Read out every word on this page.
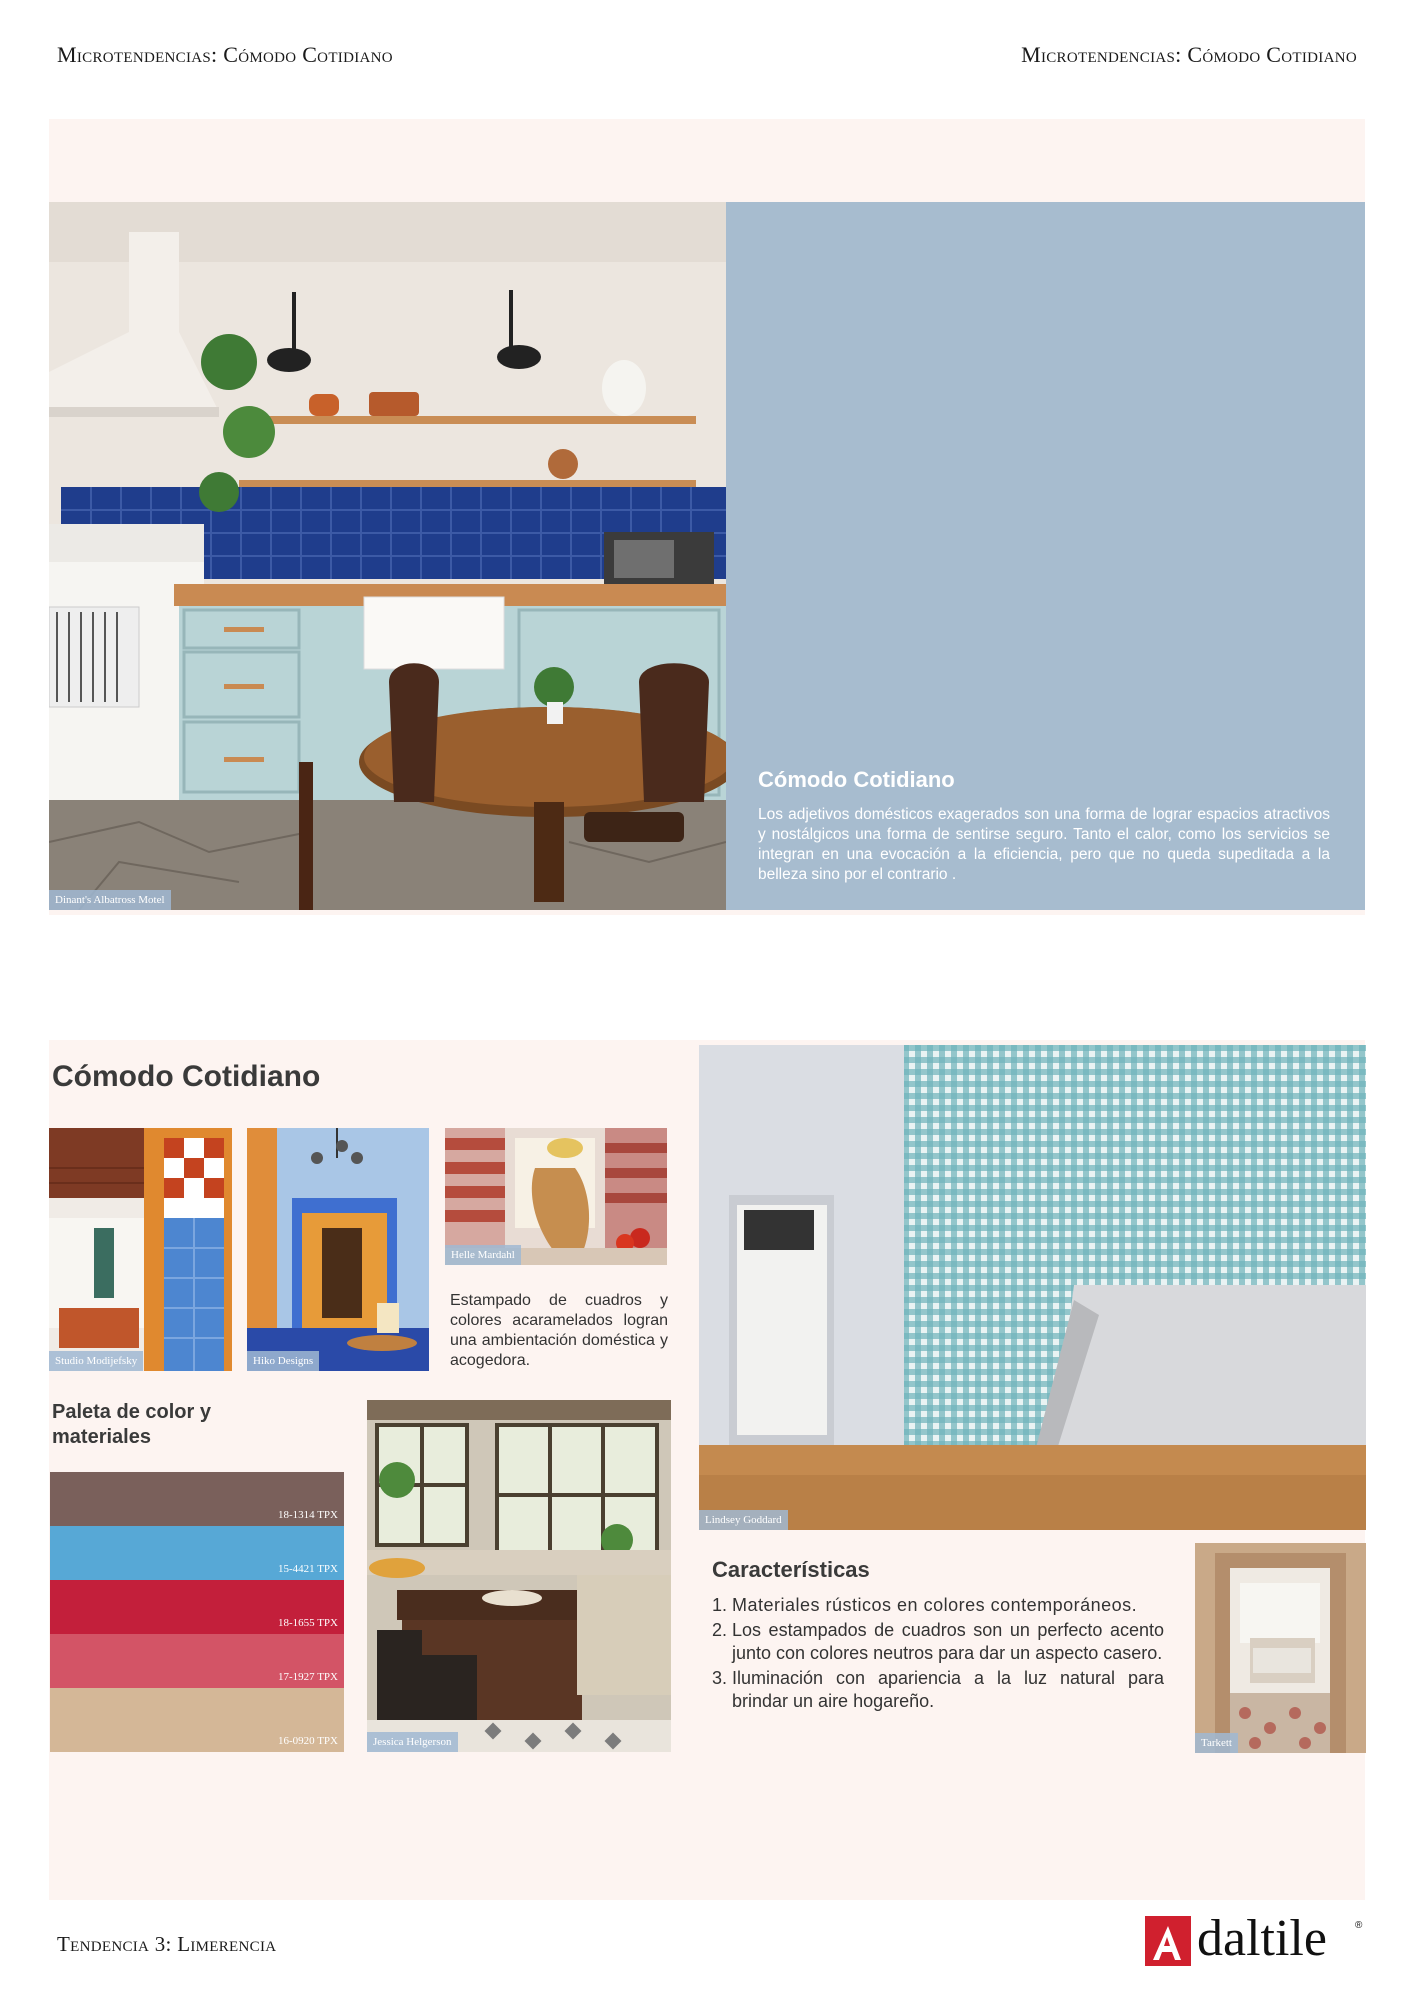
Microtendencias: Cómodo Cotidiano	Microtendencias: Cómodo Cotidiano
Dinant's Albatross Motel
Cómodo Cotidiano
Los adjetivos domésticos exagerados son una forma de lograr espacios atractivos y nostálgicos una forma de sentirse seguro. Tanto el calor, como los servicios se integran en una evocación a la eficiencia, pero que no queda supeditada a la belleza sino por el contrario .
Cómodo Cotidiano
Studio Modijefsky	Hiko Designs
Helle Mardahl
Estampado de cuadros y colores acaramelados logran una ambientación doméstica y acogedora.
Paleta de color y materiales
18-1314 TPX
15-4421 TPX
18-1655 TPX
17-1927 TPX
16-0920 TPX	Jessica Helgerson
Lindsey Goddard
Características
1. Materiales rústicos en colores contemporáneos.
2. Los estampados de cuadros son un perfecto acento junto con colores neutros para dar un aspecto casero.
3. Iluminación con apariencia a la luz natural para brindar un aire hogareño.
Tarkett
Tendencia 3: Limerencia	daltile	®
